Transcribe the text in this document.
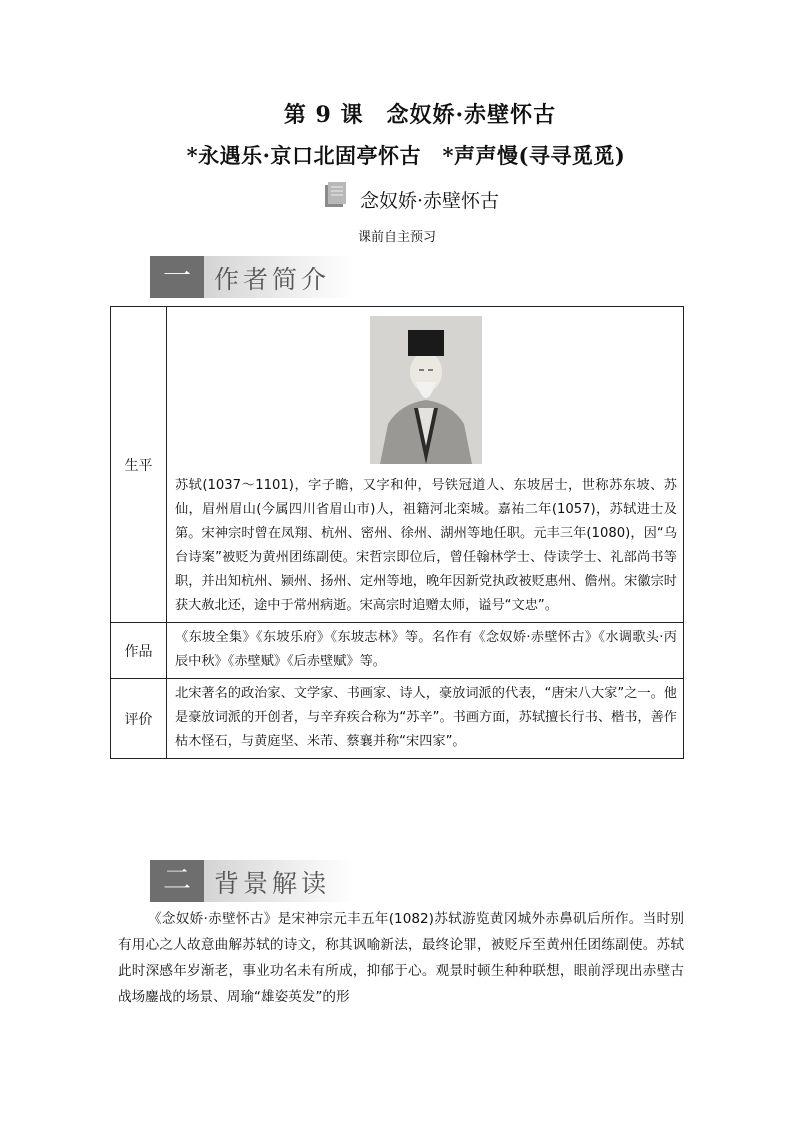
第 9 课　念奴娇·赤壁怀古
*永遇乐·京口北固亭怀古　*声声慢(寻寻觅觅)
念奴娇·赤壁怀古
课前自主预习
一 作者简介
生平	苏轼(1037～1101)，字子瞻，又字和仲，号铁冠道人、东坡居士，世称苏东坡、苏仙，眉州眉山(今属四川省眉山市)人，祖籍河北栾城。嘉祐二年(1057)，苏轼进士及第。宋神宗时曾在凤翔、杭州、密州、徐州、湖州等地任职。元丰三年(1080)，因“乌台诗案”被贬为黄州团练副使。宋哲宗即位后，曾任翰林学士、侍读学士、礼部尚书等职，并出知杭州、颍州、扬州、定州等地，晚年因新党执政被贬惠州、儋州。宋徽宗时获大赦北还，途中于常州病逝。宋高宗时追赠太师，谥号“文忠”。

作品	《东坡全集》《东坡乐府》《东坡志林》等。名作有《念奴娇·赤壁怀古》《水调歌头·丙辰中秋》《赤壁赋》《后赤壁赋》等。
评价	北宋著名的政治家、文学家、书画家、诗人，豪放词派的代表，“唐宋八大家”之一。他是豪放词派的开创者，与辛弃疾合称为“苏辛”。书画方面，苏轼擅长行书、楷书，善作枯木怪石，与黄庭坚、米芾、蔡襄并称“宋四家”。
二 背景解读
《念奴娇·赤壁怀古》是宋神宗元丰五年(1082)苏轼游览黄冈城外赤鼻矶后所作。当时别有用心之人故意曲解苏轼的诗文，称其讽喻新法，最终论罪，被贬斥至黄州任团练副使。苏轼此时深感年岁渐老，事业功名未有所成，抑郁于心。观景时顿生种种联想，眼前浮现出赤壁古战场鏖战的场景、周瑜“雄姿英发”的形
